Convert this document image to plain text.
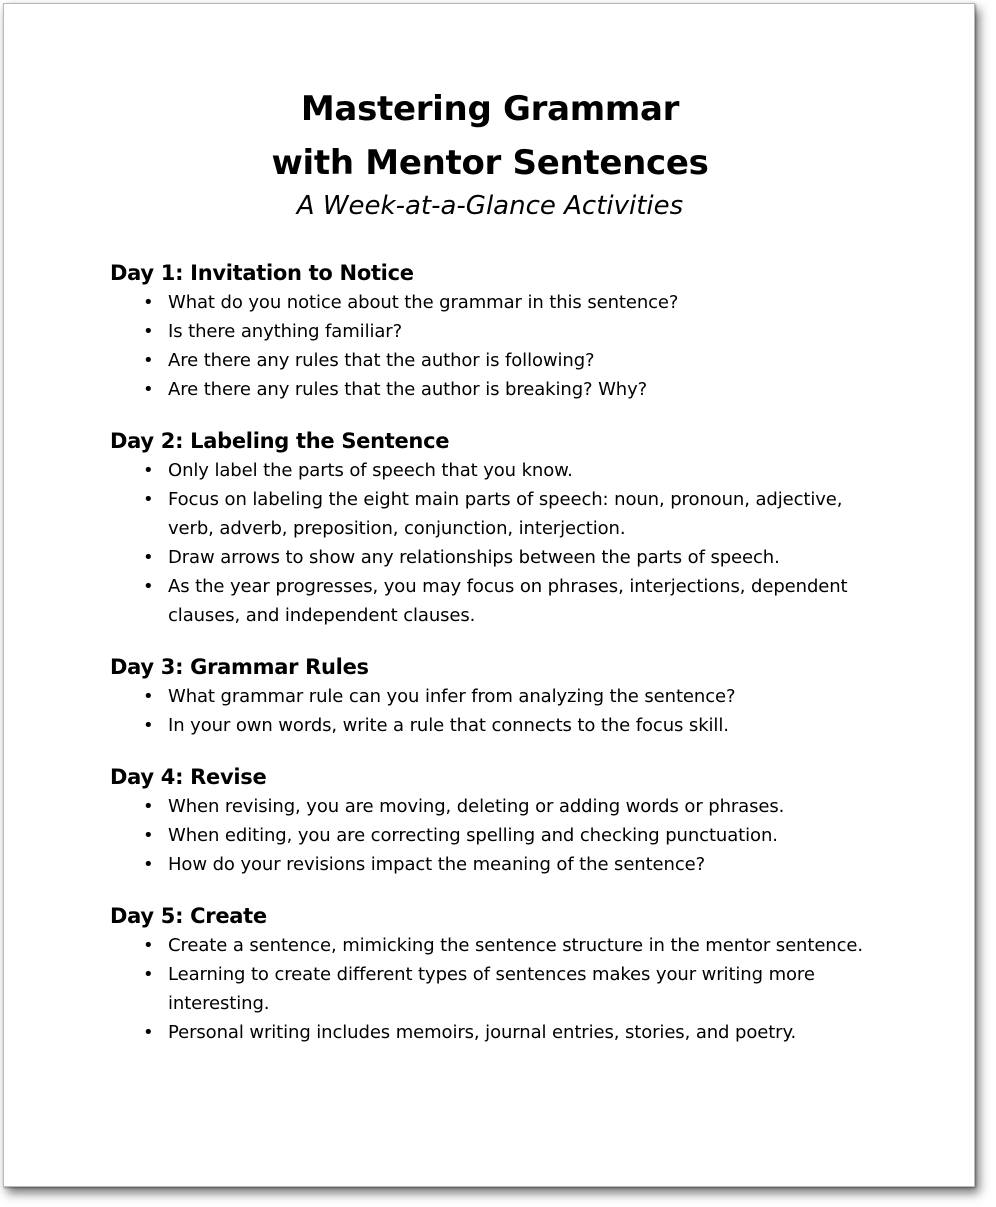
Mastering Grammar
with Mentor Sentences
A Week-at-a-Glance Activities
Day 1: Invitation to Notice
• What do you notice about the grammar in this sentence?
• Is there anything familiar?
• Are there any rules that the author is following?
• Are there any rules that the author is breaking? Why?
Day 2: Labeling the Sentence
• Only label the parts of speech that you know.
• Focus on labeling the eight main parts of speech: noun, pronoun, adjective, verb, adverb, preposition, conjunction, interjection.
• Draw arrows to show any relationships between the parts of speech.
• As the year progresses, you may focus on phrases, interjections, dependent clauses, and independent clauses.
Day 3: Grammar Rules
• What grammar rule can you infer from analyzing the sentence?
• In your own words, write a rule that connects to the focus skill.
Day 4: Revise
• When revising, you are moving, deleting or adding words or phrases.
• When editing, you are correcting spelling and checking punctuation.
• How do your revisions impact the meaning of the sentence?
Day 5: Create
• Create a sentence, mimicking the sentence structure in the mentor sentence.
• Learning to create different types of sentences makes your writing more interesting.
• Personal writing includes memoirs, journal entries, stories, and poetry.
